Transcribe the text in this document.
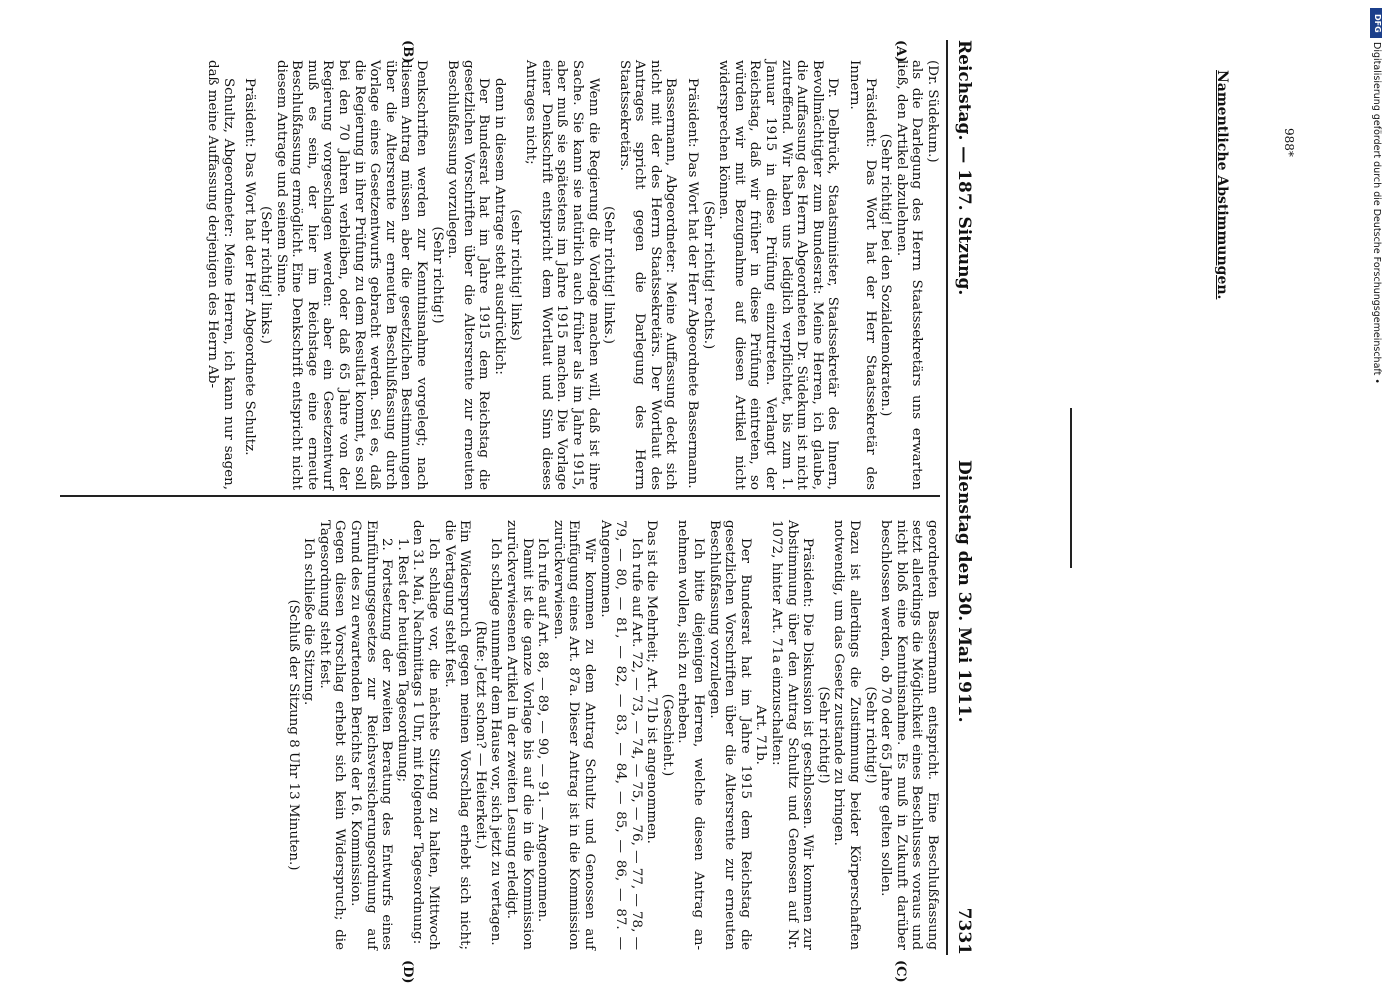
Reichstag. — 187. Sitzung.
Dienstag den 30. Mai 1911.
7331
(A)
(B)
(C)
(D)

(Dr. Südekum.)

als die Darlegung des Herrn Staatssekretärs uns erwarten ließ, den Artikel abzulehnen.

(Sehr richtig! bei den Sozialdemokraten.)

Präsident: Das Wort hat der Herr Staatssekretär des Innern.

Dr. Delbrück, Staatsminister, Staatssekretär des Innern, Bevollmächtigter zum Bundesrat: Meine Herren, ich glaube, die Auffassung des Herrn Abgeordneten Dr. Südekum ist nicht zutreffend. Wir haben uns lediglich verpflichtet, bis zum 1. Januar 1915 in diese Prüfung einzutreten. Verlangt der Reichstag, daß wir früher in diese Prüfung eintreten, so würden wir mit Bezugnahme auf diesen Artikel nicht widersprechen können.

(Sehr richtig! rechts.)

Präsident: Das Wort hat der Herr Abgeordnete Bassermann.

Bassermann, Abgeordneter: Meine Auffassung deckt sich nicht mit der des Herrn Staatssekretärs. Der Wortlaut des Antrages spricht gegen die Darlegung des Herrn Staatssekretärs.

(Sehr richtig! links.)

Wenn die Regierung die Vorlage machen will, daß ist ihre Sache. Sie kann sie natürlich auch früher als im Jahre 1915, aber muß sie spätestens im Jahre 1915 machen. Die Vorlage einer Denkschrift entspricht dem Wortlaut und Sinn dieses Antrages nicht;

(sehr richtig! links)

denn in diesem Antrage steht ausdrücklich:

Der Bundesrat hat im Jahre 1915 dem Reichstag die gesetzlichen Vorschriften über die Altersrente zur erneuten Beschlußfassung vorzulegen.

(Sehr richtig!)

Denkschriften werden zur Kenntnisnahme vorgelegt; nach diesem Antrag müssen aber die gesetzlichen Bestimmungen über die Altersrente zur erneuten Beschlußfassung durch Vorlage eines Gesetzentwurfs gebracht werden. Sei es, daß die Regierung in ihrer Prüfung zu dem Resultat kommt, es soll bei den 70 Jahren verbleiben, oder daß 65 Jahre von der Regierung vorgeschlagen werden: aber ein Gesetzentwurf muß es sein, der hier im Reichstage eine erneute Beschlußfassung ermöglicht. Eine Denkschrift entspricht nicht diesem Antrage und seinem Sinne.

(Sehr richtig! links.)

Präsident: Das Wort hat der Herr Abgeordnete Schultz.

Schultz, Abgeordneter: Meine Herren, ich kann nur sagen, daß meine Auffassung derjenigen des Herrn Ab-

geordneten Bassermann entspricht. Eine Beschlußfassung setzt allerdings die Möglichkeit eines Beschlusses voraus und nicht bloß eine Kenntnisnahme. Es muß in Zukunft darüber beschlossen werden, ob 70 oder 65 Jahre gelten sollen.

(Sehr richtig!)

Dazu ist allerdings die Zustimmung beider Körperschaften notwendig, um das Gesetz zustande zu bringen.

(Sehr richtig!)

Präsident: Die Diskussion ist geschlossen. Wir kommen zur Abstimmung über den Antrag Schultz und Genossen auf Nr. 1072, hinter Art. 71a einzuschalten:

Art. 71b.

Der Bundesrat hat im Jahre 1915 dem Reichstag die gesetzlichen Vorschriften über die Altersrente zur erneuten Beschlußfassung vorzulegen.

Ich bitte diejenigen Herren, welche diesen Antrag annehmen wollen, sich zu erheben.

(Geschieht.)

Das ist die Mehrheit; Art. 71b ist angenommen.

Ich rufe auf Art. 72, — 73, — 74, — 75, — 76, — 77, — 78, — 79, — 80, — 81, — 82, — 83, — 84, — 85, — 86, — 87. — Angenommen.

Wir kommen zu dem Antrag Schultz und Genossen auf Einfügung eines Art. 87a. Dieser Antrag ist in die Kommission zurückverwiesen.

Ich rufe auf Art. 88, — 89, — 90, — 91. — Angenommen.

Damit ist die ganze Vorlage bis auf die in die Kommission zurückverwiesenen Artikel in der zweiten Lesung erledigt.

Ich schlage nunmehr dem Hause vor, sich jetzt zu vertagen.

(Rufe: Jetzt schon? — Heiterkeit.)

Ein Widerspruch gegen meinen Vorschlag erhebt sich nicht; die Vertagung steht fest.

Ich schlage vor, die nächste Sitzung zu halten, Mittwoch den 31. Mai, Nachmittags 1 Uhr, mit folgender Tagesordnung:

1. Rest der heutigen Tagesordnung;

2. Fortsetzung der zweiten Beratung des Entwurfs eines Einführungsgesetzes zur Reichsversicherungsordnung auf Grund des zu erwartenden Berichts der 16. Kommission.

Gegen diesen Vorschlag erhebt sich kein Widerspruch; die Tagesordnung steht fest.

Ich schließe die Sitzung.

(Schluß der Sitzung 8 Uhr 13 Minuten.)

Namentliche Abstimmungen.	988*
DFG
Digitalisierung gefördert durch die Deutsche Forschungsgemeinschaft •
